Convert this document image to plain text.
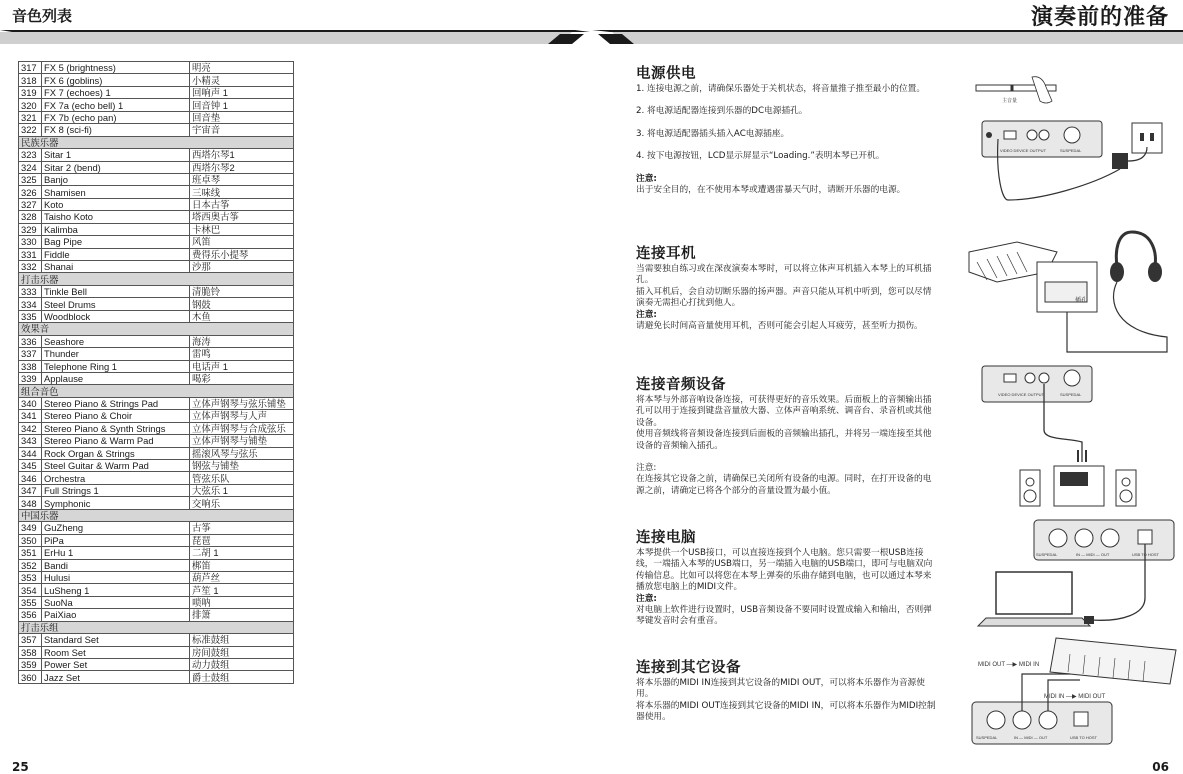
音色列表
317	FX 5 (brightness)	明亮
318	FX 6 (goblins)	小精灵
319	FX 7 (echoes) 1	回响声 1
320	FX 7a (echo bell) 1	回音钟 1
321	FX 7b (echo pan)	回音垫
322	FX 8 (sci-fi)	宇宙音
民族乐器		
323	Sitar 1	西塔尔琴1
324	Sitar 2 (bend)	西塔尔琴2
325	Banjo	班卓琴
326	Shamisen	三味线
327	Koto	日本古筝
328	Taisho Koto	塔西奥古筝
329	Kalimba	卡林巴
330	Bag Pipe	风笛
331	Fiddle	费得乐小提琴
332	Shanai	沙那
打击乐器		
333	Tinkle Bell	清脆铃
334	Steel Drums	钢鼓
335	Woodblock	木鱼
效果音		
336	Seashore	海涛
337	Thunder	雷鸣
338	Telephone Ring 1	电话声 1
339	Applause	喝彩
组合音色		
340	Stereo Piano & Strings Pad	立体声钢琴与弦乐铺垫
341	Stereo Piano & Choir	立体声钢琴与人声
342	Stereo Piano & Synth Strings	立体声钢琴与合成弦乐
343	Stereo Piano & Warm Pad	立体声钢琴与铺垫
344	Rock Organ & Strings	摇滚风琴与弦乐
345	Steel Guitar & Warm Pad	钢弦与铺垫
346	Orchestra	管弦乐队
347	Full Strings 1	大弦乐 1
348	Symphonic	交响乐
中国乐器		
349	GuZheng	古筝
350	PiPa	琵琶
351	ErHu 1	二胡 1
352	Bandi	梆笛
353	Hulusi	葫芦丝
354	LuSheng 1	芦笙 1
355	SuoNa	唢呐
356	PaiXiao	排箫
打击乐组		
357	Standard Set	标准鼓组
358	Room Set	房间鼓组
359	Power Set	动力鼓组
360	Jazz Set	爵士鼓组
25
演奏前的准备
电源供电

1. 连接电源之前，请确保乐器处于关机状态，将音量推子推至最小的位置。

2. 将电源适配器连接到乐器的DC电源插孔。

3. 将电源适配器插头插入AC电源插座。

4. 按下电源按钮，LCD显示屏显示“Loading.”表明本琴已开机。

注意:

出于安全目的，在不使用本琴或遭遇雷暴天气时，请断开乐器的电源。

连接耳机

当需要独自练习或在深夜演奏本琴时，可以将立体声耳机插入本琴上的耳机插孔。

插入耳机后，会自动切断乐器的扬声器。声音只能从耳机中听到，您可以尽情演奏无需担心打扰到他人。

注意:

请避免长时间高音量使用耳机，否则可能会引起人耳疲劳，甚至听力损伤。

连接音频设备

将本琴与外部音响设备连接，可获得更好的音乐效果。后面板上的音频输出插孔可以用于连接到键盘音量放大器、立体声音响系统、调音台、录音机或其他设备。

使用音频线将音频设备连接到后面板的音频输出插孔，并将另一端连接至其他设备的音频输入插孔。

注意:

在连接其它设备之前，请确保已关闭所有设备的电源。同时，在打开设备的电源之前，请确定已将各个部分的音量设置为最小值。

连接电脑

本琴提供一个USB接口，可以直接连接到个人电脑。您只需要一根USB连接线，一端插入本琴的USB端口，另一端插入电脑的USB端口，即可与电脑双向传输信息。比如可以将您在本琴上弹奏的乐曲存储到电脑，也可以通过本琴来播放您电脑上的MIDI文件。

注意:

对电脑上软件进行设置时，USB音频设备不要同时设置成输入和输出，否则弹琴键发音时会有重音。

连接到其它设备

将本乐器的MIDI IN连接到其它设备的MIDI OUT，可以将本乐器作为音源使用。

将本乐器的MIDI OUT连接到其它设备的MIDI IN，可以将本乐器作为MIDI控制器使用。

主音量
VIDEO DEVICE OUTPUT	SUSPEDAL
插孔
VIDEO DEVICE OUTPUT	SUSPEDAL
SUSPEDAL	IN — MIDI — OUT	USB TO HOST
MIDI OUT —▶ MIDI IN
MIDI IN —▶ MIDI OUT
SUSPEDAL	IN — MIDI — OUT	USB TO HOST
06
